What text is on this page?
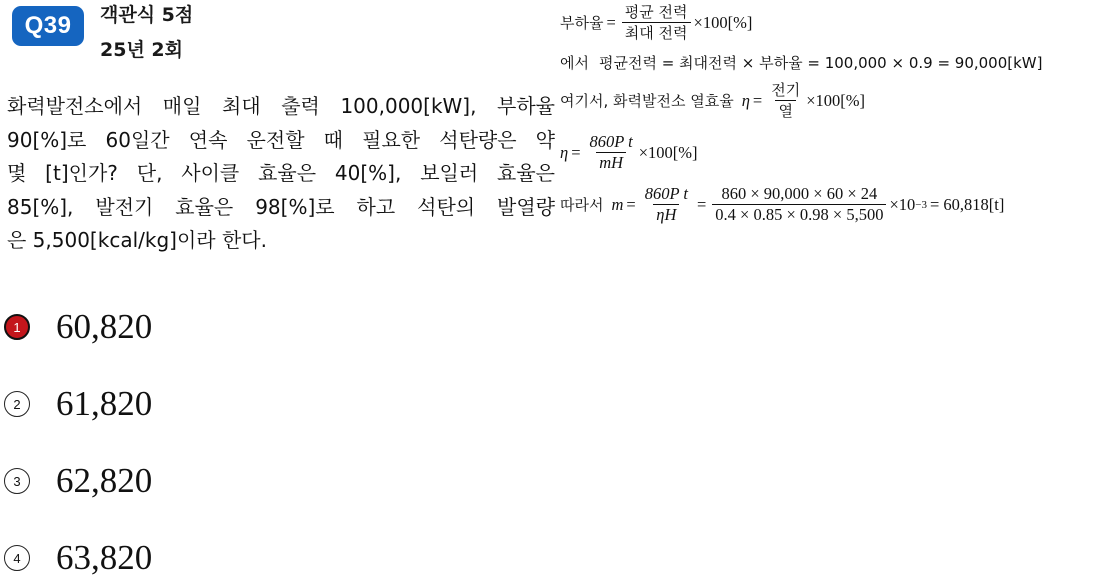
Q39	객관식 5점
25년 2회
화력발전소에서 매일 최대 출력 100,000[kW], 부하율
90[%]로 60일간 연속 운전할 때 필요한 석탄량은 약
몇 [t]인가? 단, 사이클 효율은 40[%], 보일러 효율은
85[%], 발전기 효율은 98[%]로 하고 석탄의 발열량
은 5,500[kcal/kg]이라 한다.
1 60,820
2 61,820
3 62,820
4 63,820
부하율 = $\frac{\text{평균 전력}}{\text{최대 전력}} \times 100[\%]$
에서 평균전력 = 최대전력 × 부하율 = 100,000 × 0.9 = 90,000[kW]
여기서, 화력발전소 열효율 $\eta = \frac{\text{전기}}{\text{열}} \times 100[\%]$
$\eta = \frac{\text{860P t}}{mH} \times 100[\%]$
따라서 $m = \frac{\text{860P t}}{\eta H} = \frac{860 \times 90,000 \times 60 \times 24}{0.4 \times 0.85 \times 0.98 \times 5,500} \times 10 -3 = 60,818[t]$
